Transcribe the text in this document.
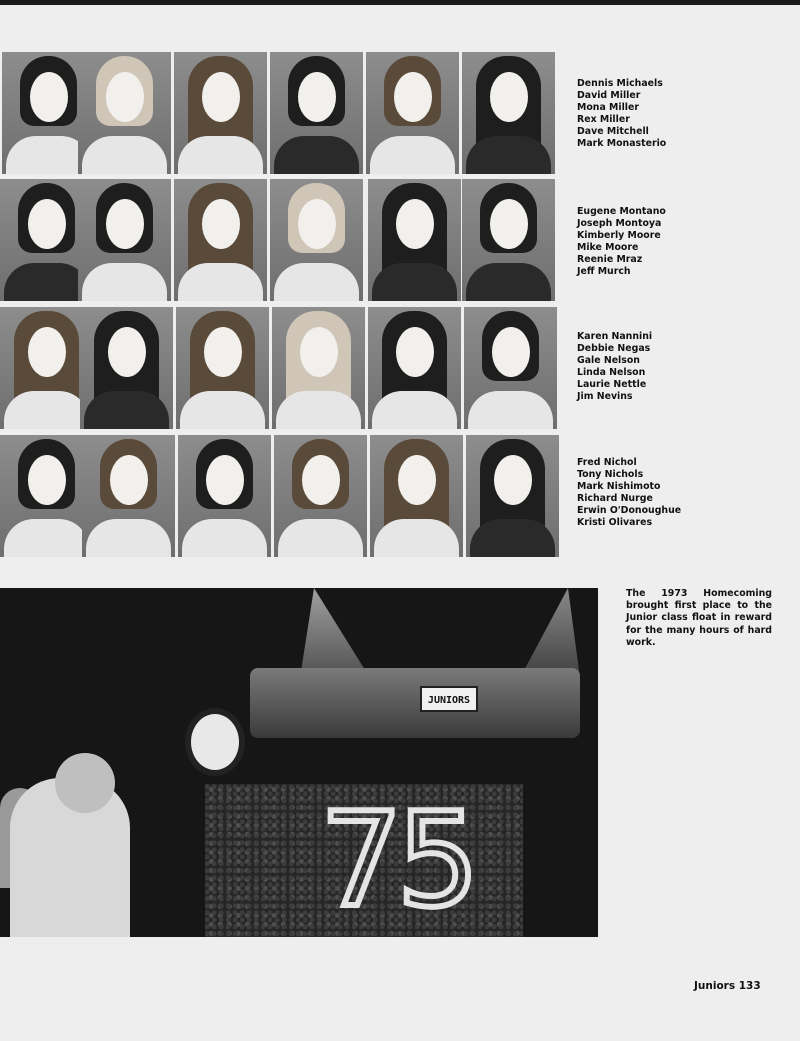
Dennis Michaels
David Miller
Mona Miller
Rex Miller
Dave Mitchell
Mark Monasterio
Eugene Montano
Joseph Montoya
Kimberly Moore
Mike Moore
Reenie Mraz
Jeff Murch
Karen Nannini
Debbie Negas
Gale Nelson
Linda Nelson
Laurie Nettle
Jim Nevins
Fred Nichol
Tony Nichols
Mark Nishimoto
Richard Nurge
Erwin O'Donoughue
Kristi Olivares
JUNIORS
75

The 1973 Homecoming brought first place to the Junior class float in reward for the many hours of hard work.

Juniors 133
